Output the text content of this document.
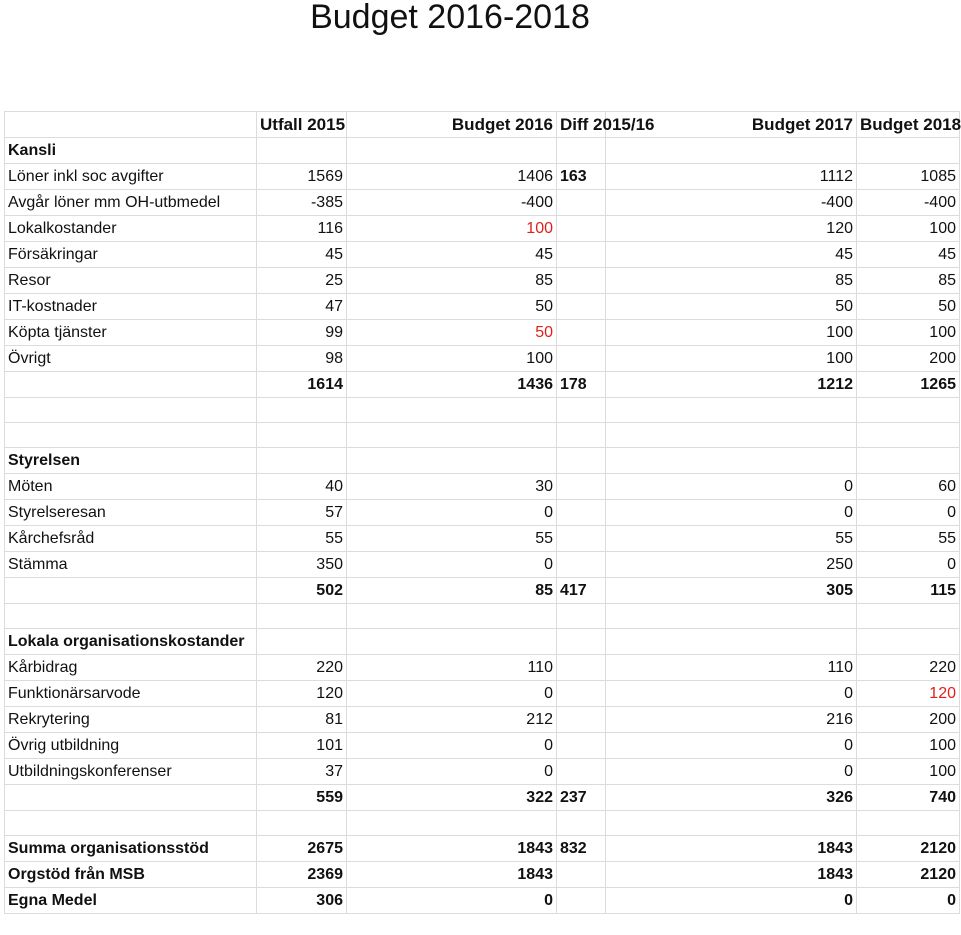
Budget 2016-2018
	Utfall 2015	Budget 2016	Diff 2015/16	Budget 2017	Budget 2018
Kansli					
Löner inkl soc avgifter	1569	1406	163	1112	1085
Avgår löner mm OH-utbmedel	-385	-400		-400	-400
Lokalkostander	116	100		120	100
Försäkringar	45	45		45	45
Resor	25	85		85	85
IT-kostnader	47	50		50	50
Köpta tjänster	99	50		100	100
Övrigt	98	100		100	200
	1614	1436	178	1212	1265

Styrelsen					
Möten	40	30		0	60
Styrelseresan	57	0		0	0
Kårchefsråd	55	55		55	55
Stämma	350	0		250	0
	502	85	417	305	115

Lokala organisationskostander					
Kårbidrag	220	110		110	220
Funktionärsarvode	120	0		0	120
Rekrytering	81	212		216	200
Övrig utbildning	101	0		0	100
Utbildningskonferenser	37	0		0	100
	559	322	237	326	740

Summa organisationsstöd	2675	1843	832	1843	2120
Orgstöd från MSB	2369	1843		1843	2120
Egna Medel	306	0		0	0
